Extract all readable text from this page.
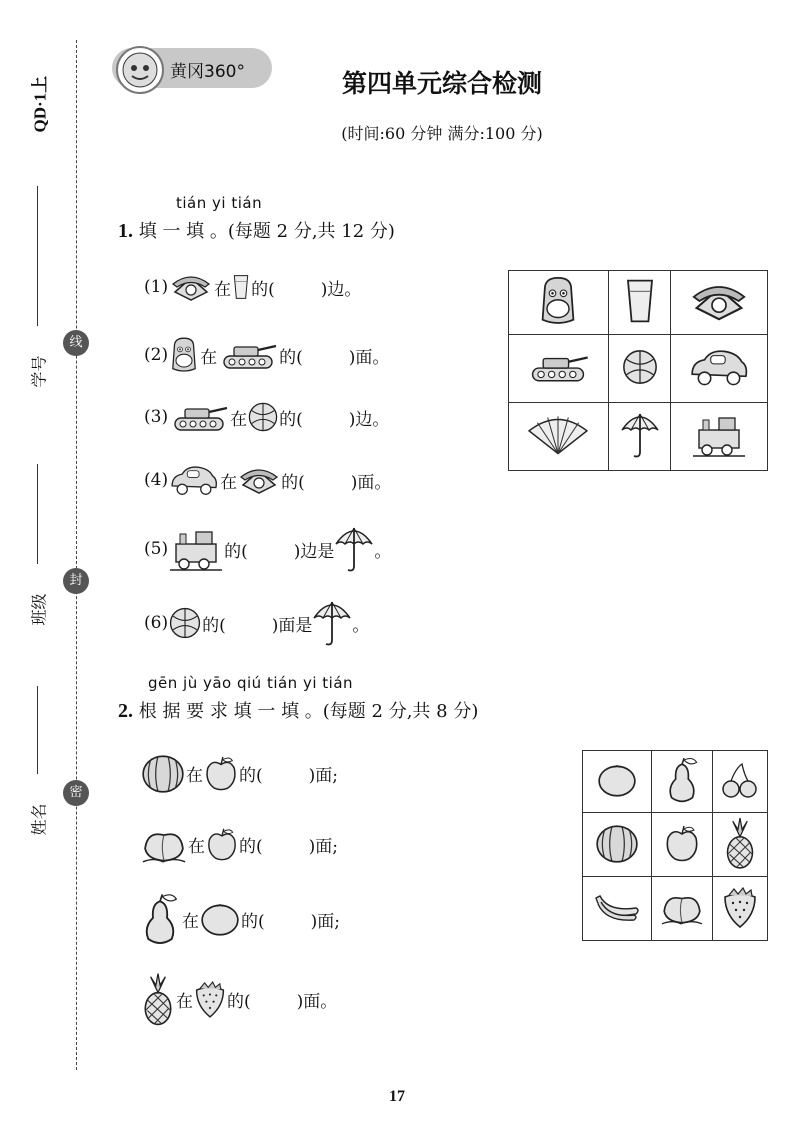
QD·1上
学号
班级
姓名
线
封
密
黄冈360°	第四单元综合检测
(时间:60 分钟 满分:100 分)
tián yi tián
1. 填 一 填 。(每题 2 分,共 12 分)
(1)	在 的(	)边。
(2) 在	的(	)面。
(3)	在 的(	)边。
(4)	在	的(	)面。
(5)	的(	)边是 。
(6) 的(	)面是 。

gēn jù yāo qiú tián yi tián
2. 根 据 要 求 填 一 填 。(每题 2 分,共 8 分)
在 的(	)面;
在 的(	)面;
在 的(	)面;
在 的(	)面。

17
